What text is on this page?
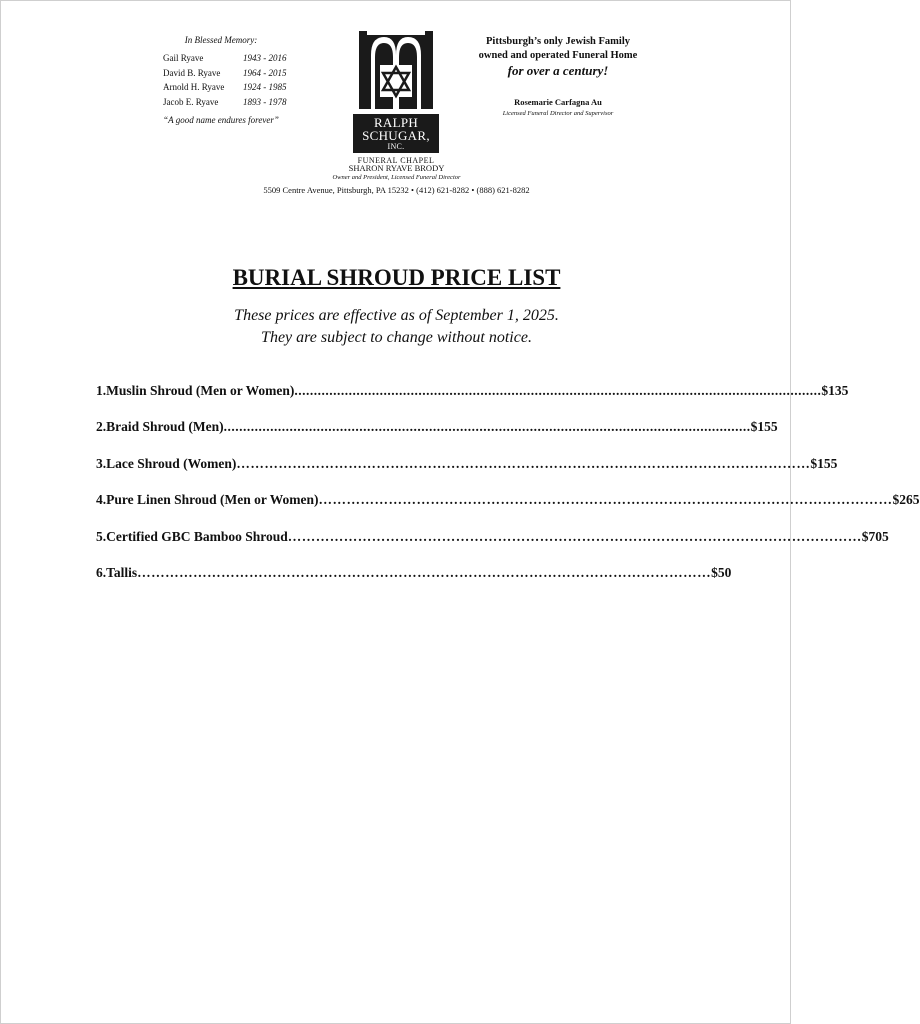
In Blessed Memory:
Gail Ryave	1943 - 2016
David B. Ryave	1964 - 2015
Arnold H. Ryave	1924 - 1985
Jacob E. Ryave	1893 - 1978
“A good name endures forever”	RALPH
SCHUGAR,
INC.
FUNERAL CHAPEL
Pittsburgh’s only Jewish Family
owned and operated Funeral Home
for over a century!
Rosemarie Carfagna Au
Licensed Funeral Director and Supervisor
SHARON RYAVE BRODY
Owner and President, Licensed Funeral Director
5509 Centre Avenue, Pittsburgh, PA 15232 • (412) 621-8282 • (888) 621-8282
BURIAL SHROUD PRICE LIST
These prices are effective as of September 1, 2025.
They are subject to change without notice.
1. Muslin Shroud (Men or Women) ........................................................................................................................................ $135
2. Braid Shroud (Men) ........................................................................................................................................ $155
3. Lace Shroud (Women) …………………………………………………………………………………………………………… $155
4. Pure Linen Shroud (Men or Women) …………………………………………………………………………………………………………… $265
5. Certified GBC Bamboo Shroud …………………………………………………………………………………………………………… $705
6. Tallis …………………………………………………………………………………………………………… $50
